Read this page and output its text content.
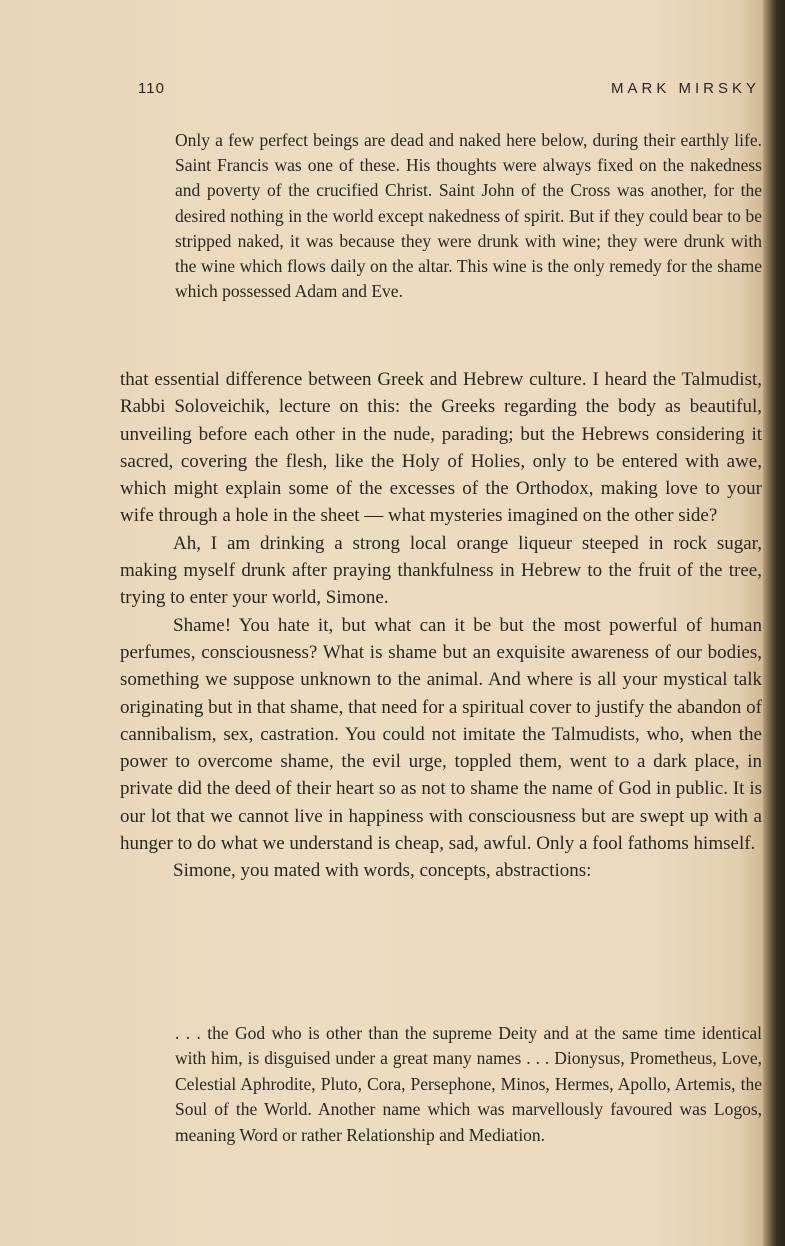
110	MARK MIRSKY

Only a few perfect beings are dead and naked here below, during their earthly life. Saint Francis was one of these. His thoughts were always fixed on the nakedness and poverty of the crucified Christ. Saint John of the Cross was another, for the desired nothing in the world except nakedness of spirit. But if they could bear to be stripped naked, it was because they were drunk with wine; they were drunk with the wine which flows daily on the altar. This wine is the only remedy for the shame which possessed Adam and Eve.

that essential difference between Greek and Hebrew culture. I heard the Talmudist, Rabbi Soloveichik, lecture on this: the Greeks regarding the body as beautiful, unveiling before each other in the nude, parading; but the Hebrews considering it sacred, covering the flesh, like the Holy of Holies, only to be entered with awe, which might explain some of the excesses of the Orthodox, making love to your wife through a hole in the sheet — what mysteries imagined on the other side?

Ah, I am drinking a strong local orange liqueur steeped in rock sugar, making myself drunk after praying thankfulness in Hebrew to the fruit of the tree, trying to enter your world, Simone.

Shame! You hate it, but what can it be but the most powerful of human perfumes, consciousness? What is shame but an exquisite awareness of our bodies, something we suppose unknown to the animal. And where is all your mystical talk originating but in that shame, that need for a spiritual cover to justify the abandon of cannibalism, sex, castration. You could not imitate the Talmudists, who, when the power to overcome shame, the evil urge, toppled them, went to a dark place, in private did the deed of their heart so as not to shame the name of God in public. It is our lot that we cannot live in happiness with consciousness but are swept up with a hunger to do what we understand is cheap, sad, awful. Only a fool fathoms himself.

Simone, you mated with words, concepts, abstractions:

. . . the God who is other than the supreme Deity and at the same time identical with him, is disguised under a great many names . . . Dionysus, Prometheus, Love, Celestial Aphrodite, Pluto, Cora, Persephone, Minos, Hermes, Apollo, Artemis, the Soul of the World. Another name which was marvellously favoured was Logos, meaning Word or rather Relationship and Mediation.
